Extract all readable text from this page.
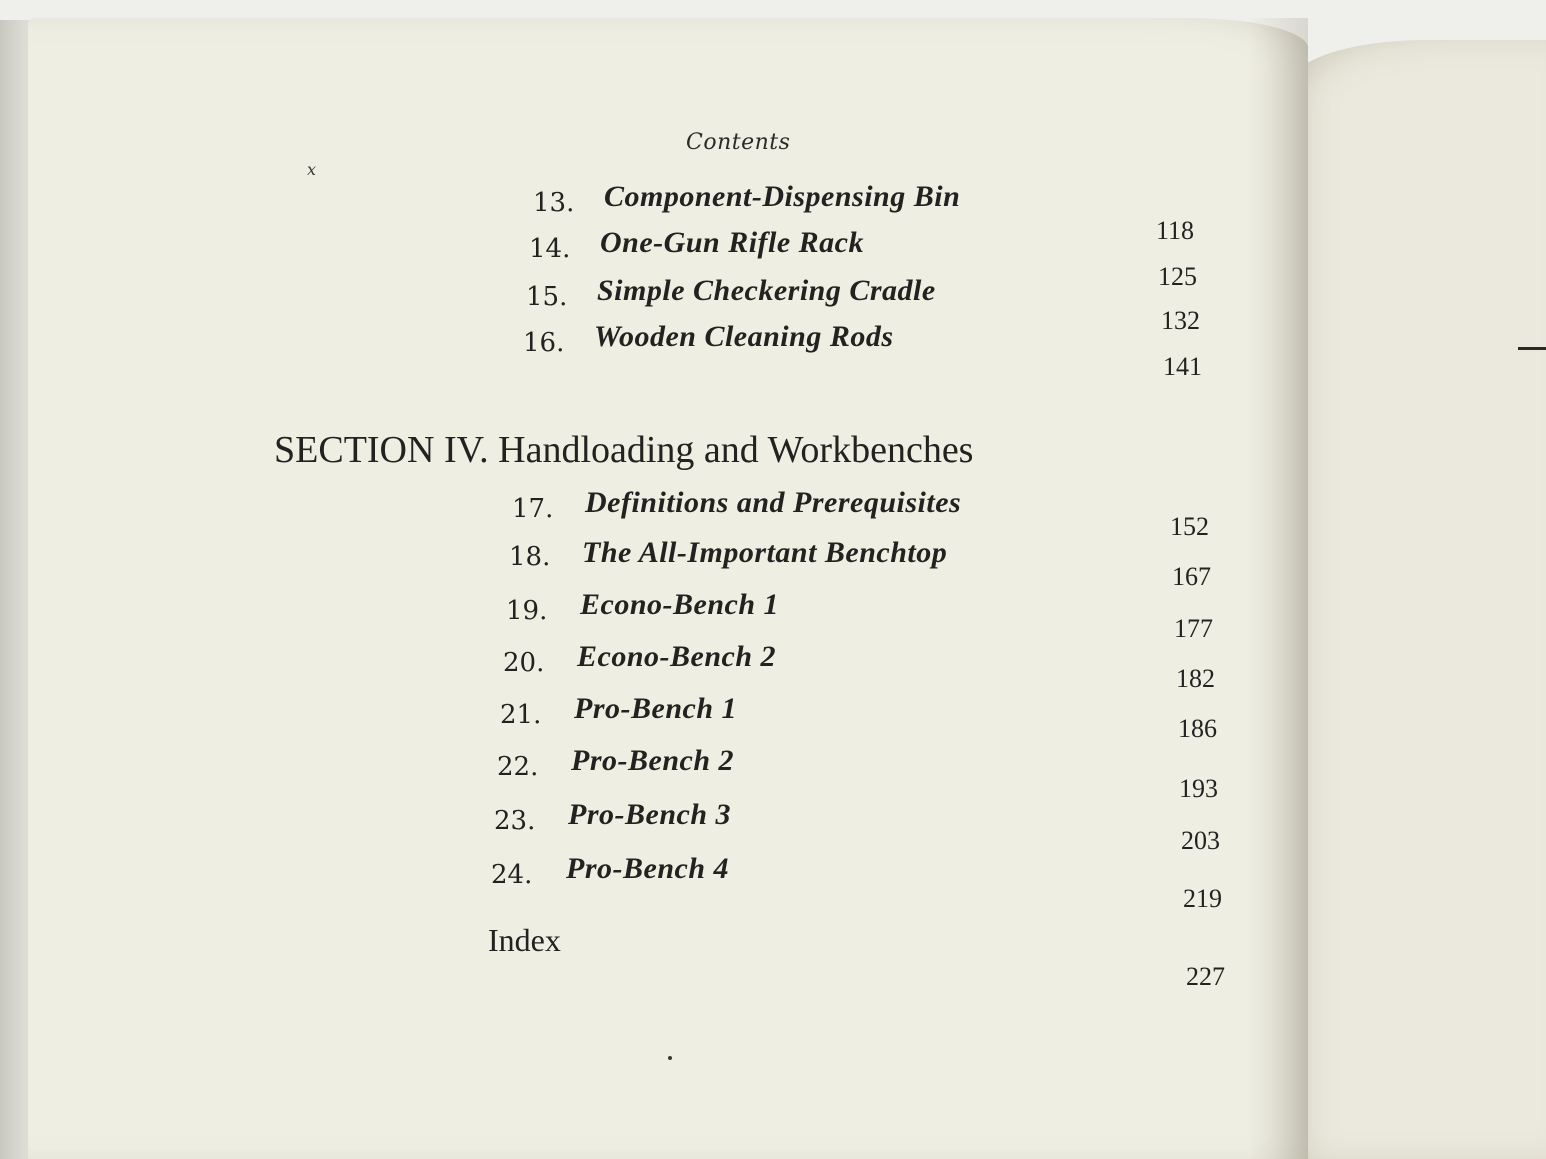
Contents
x
13. Component-Dispensing Bin
118
14. One-Gun Rifle Rack
125
15. Simple Checkering Cradle
132
16. Wooden Cleaning Rods
141
SECTION IV. Handloading and Workbenches
17. Definitions and Prerequisites
152
18. The All-Important Benchtop
167
19. Econo-Bench 1
177
20. Econo-Bench 2
182
21. Pro-Bench 1
186
22. Pro-Bench 2
193
23. Pro-Bench 3
203
24. Pro-Bench 4
219
Index
227
